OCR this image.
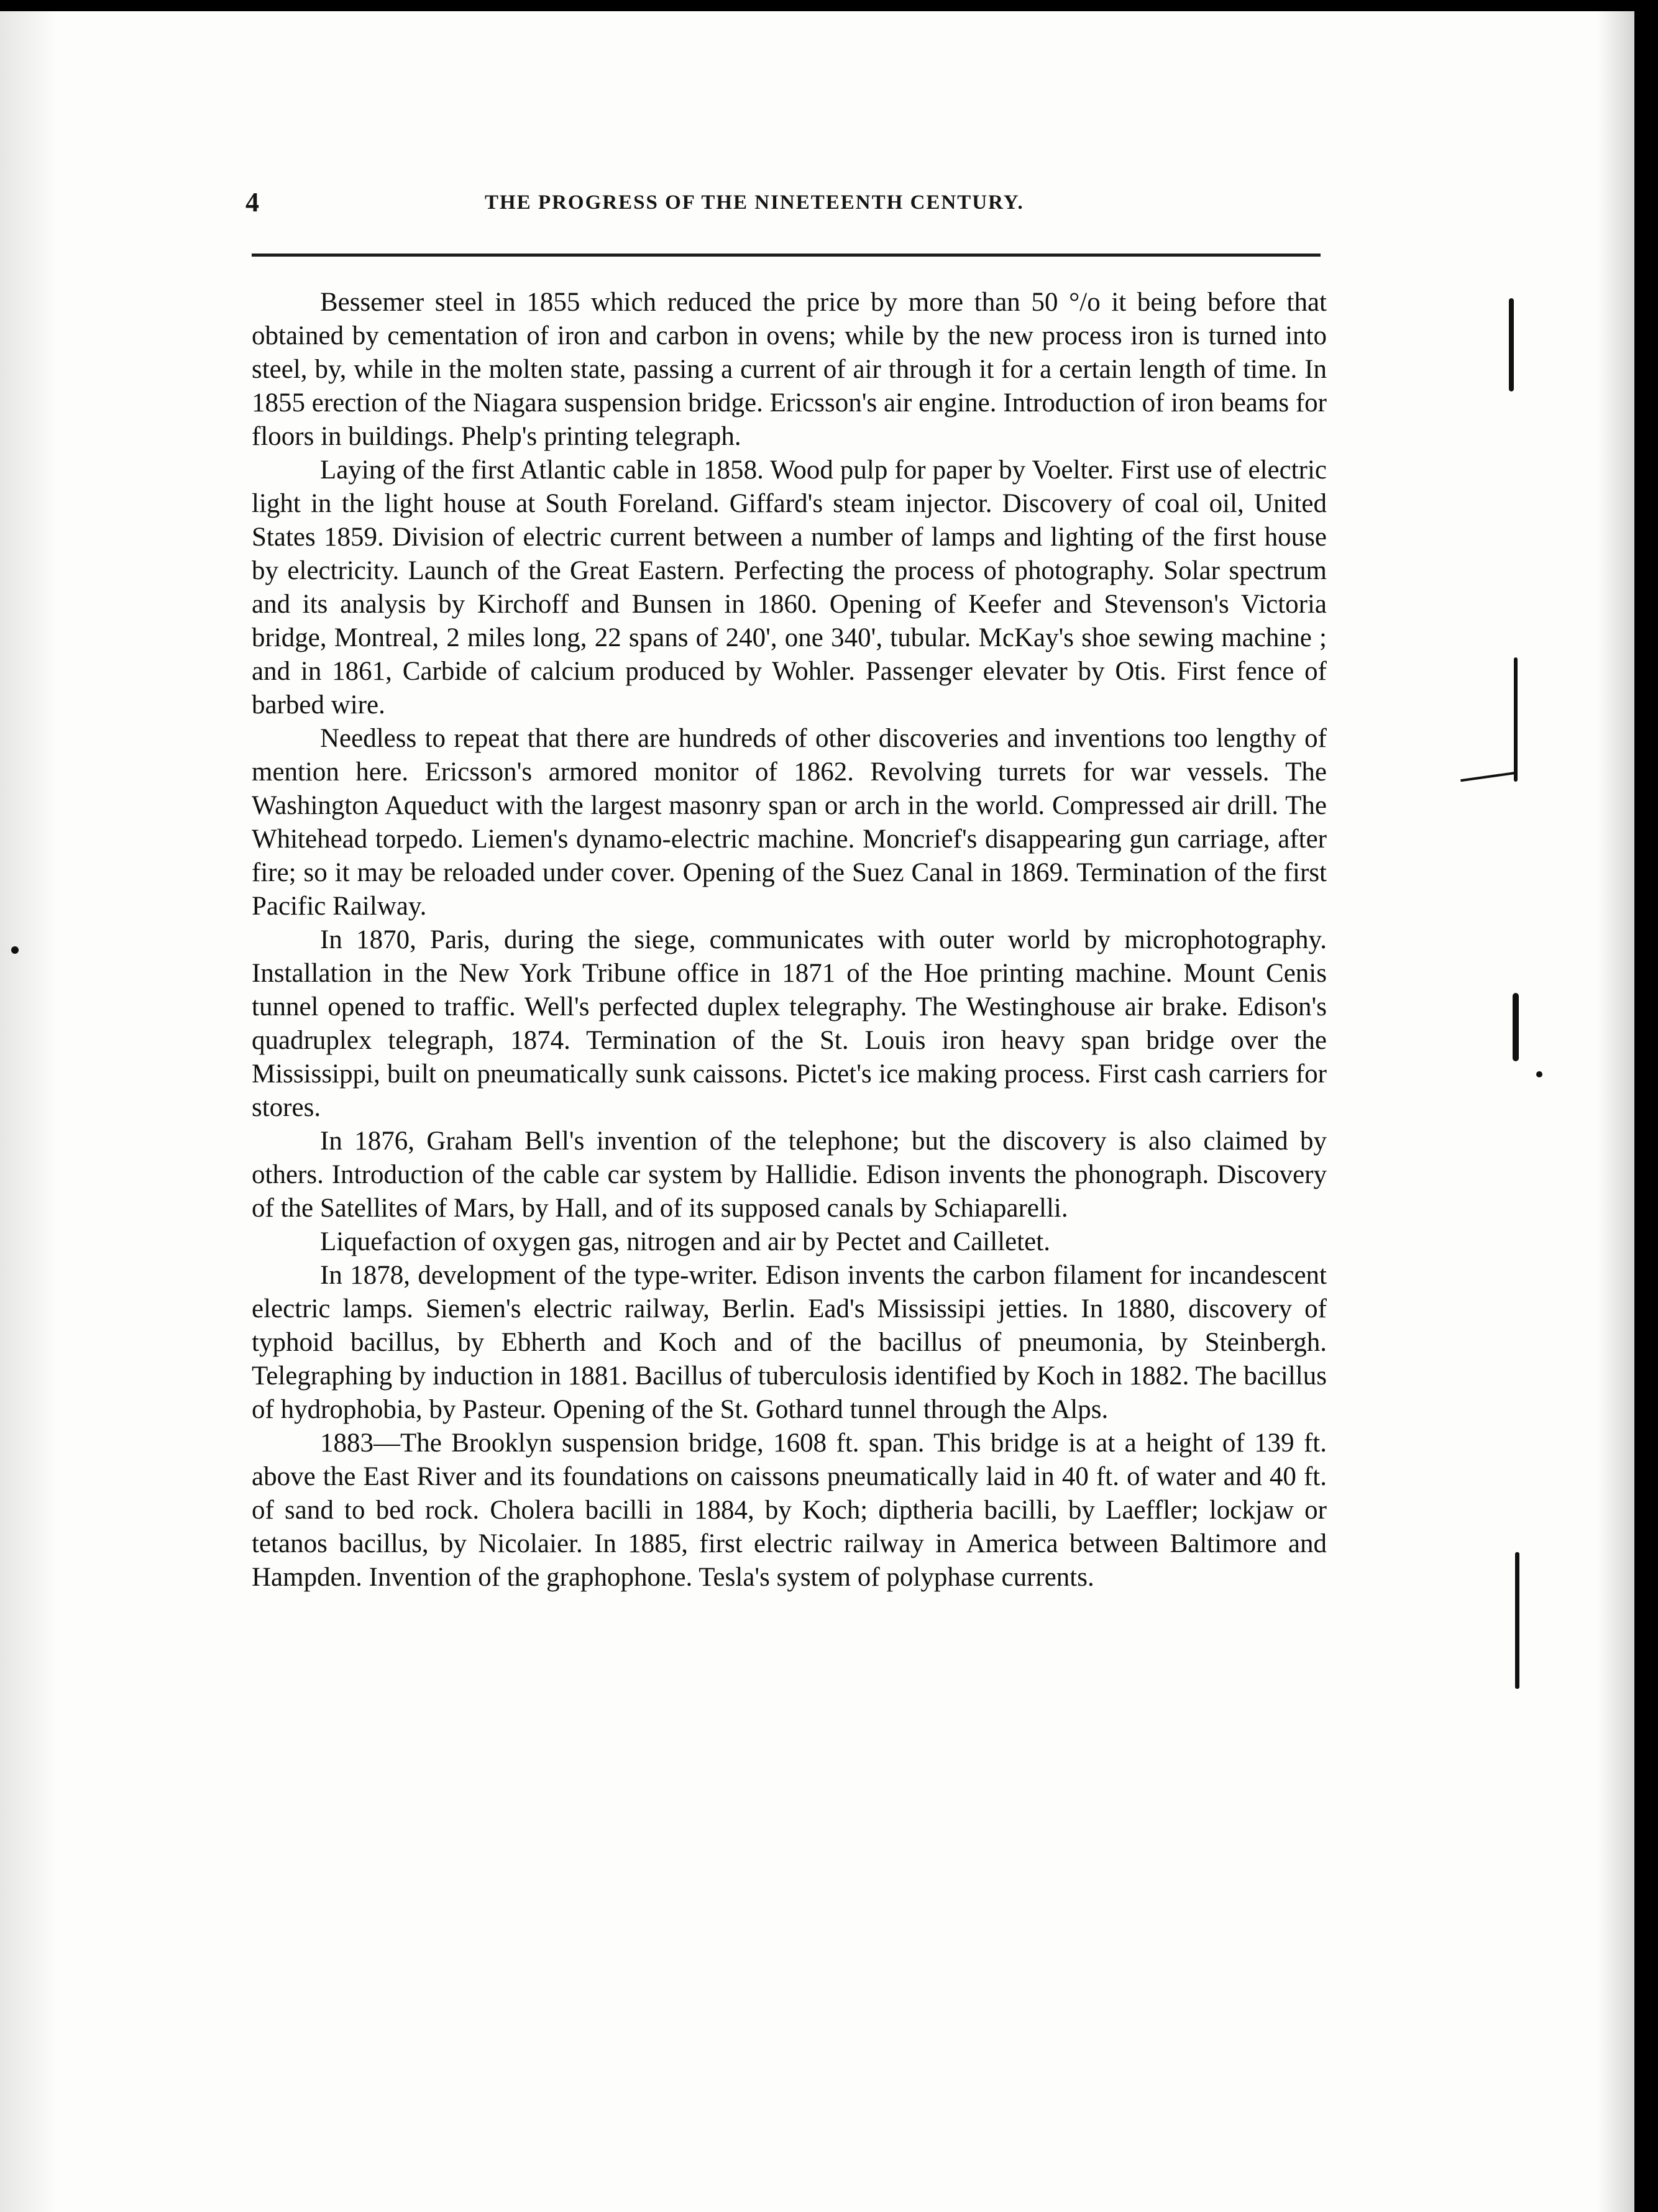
4	THE PROGRESS OF THE NINETEENTH CENTURY.

Bessemer steel in 1855 which reduced the price by more than 50 °/o it being before that obtained by cementation of iron and carbon in ovens; while by the new process iron is turned into steel, by, while in the molten state, passing a current of air through it for a certain length of time. In 1855 erection of the Niagara suspension bridge. Ericsson's air engine. Introduction of iron beams for floors in buildings. Phelp's printing telegraph.

Laying of the first Atlantic cable in 1858. Wood pulp for paper by Voelter. First use of electric light in the light house at South Foreland. Giffard's steam injector. Discovery of coal oil, United States 1859. Division of electric current between a number of lamps and lighting of the first house by electricity. Launch of the Great Eastern. Perfecting the process of photography. Solar spectrum and its analysis by Kirchoff and Bunsen in 1860. Opening of Keefer and Stevenson's Victoria bridge, Montreal, 2 miles long, 22 spans of 240', one 340', tubular. McKay's shoe sewing machine ; and in 1861, Carbide of calcium produced by Wohler. Passenger elevater by Otis. First fence of barbed wire.

Needless to repeat that there are hundreds of other discoveries and inventions too lengthy of mention here. Ericsson's armored monitor of 1862. Revolving turrets for war vessels. The Washington Aqueduct with the largest masonry span or arch in the world. Compressed air drill. The Whitehead torpedo. Liemen's dynamo-electric machine. Moncrief's disappearing gun carriage, after fire; so it may be reloaded under cover. Opening of the Suez Canal in 1869. Termination of the first Pacific Railway.

In 1870, Paris, during the siege, communicates with outer world by microphotography. Installation in the New York Tribune office in 1871 of the Hoe printing machine. Mount Cenis tunnel opened to traffic. Well's perfected duplex telegraphy. The Westinghouse air brake. Edison's quadruplex telegraph, 1874. Termination of the St. Louis iron heavy span bridge over the Mississippi, built on pneumatically sunk caissons. Pictet's ice making process. First cash carriers for stores.

In 1876, Graham Bell's invention of the telephone; but the discovery is also claimed by others. Introduction of the cable car system by Hallidie. Edison invents the phonograph. Discovery of the Satellites of Mars, by Hall, and of its supposed canals by Schiaparelli.

Liquefaction of oxygen gas, nitrogen and air by Pectet and Cailletet.

In 1878, development of the type-writer. Edison invents the carbon filament for incandescent electric lamps. Siemen's electric railway, Berlin. Ead's Mississipi jetties. In 1880, discovery of typhoid bacillus, by Ebherth and Koch and of the bacillus of pneumonia, by Steinbergh. Telegraphing by induction in 1881. Bacillus of tuberculosis identified by Koch in 1882. The bacillus of hydrophobia, by Pasteur. Opening of the St. Gothard tunnel through the Alps.

1883—The Brooklyn suspension bridge, 1608 ft. span. This bridge is at a height of 139 ft. above the East River and its foundations on caissons pneumatically laid in 40 ft. of water and 40 ft. of sand to bed rock. Cholera bacilli in 1884, by Koch; diptheria bacilli, by Laeffler; lockjaw or tetanos bacillus, by Nicolaier. In 1885, first electric railway in America between Baltimore and Hampden. Invention of the graphophone. Tesla's system of polyphase currents.
